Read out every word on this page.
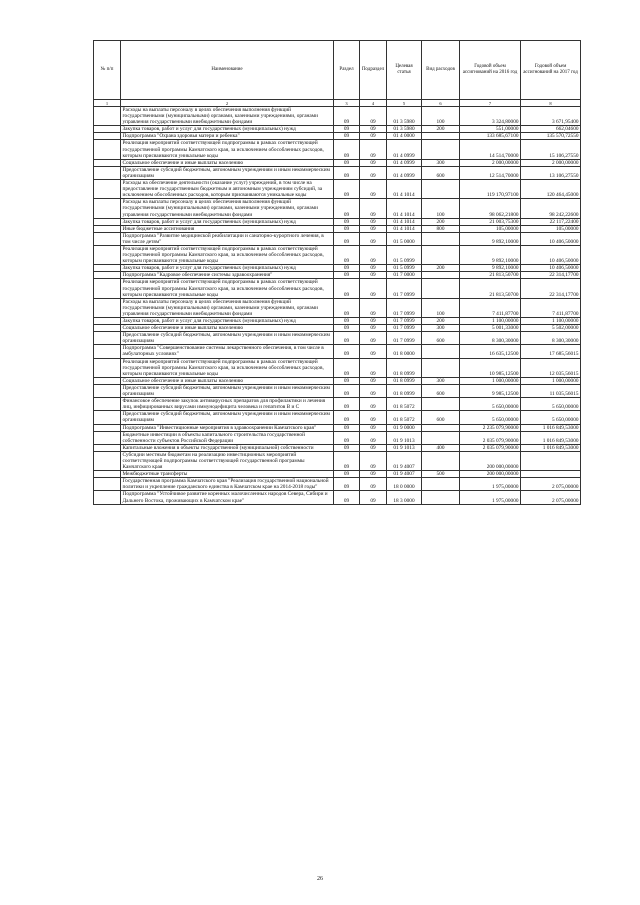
№ п/п	Наименование	Раздел	Подраздел	Целевая статья	Вид расходов	Годовой объем ассигнований на 2016 год	Годовой объем ассигнований на 2017 год
1	2	3	4	5	6	7	8
	Расходы на выплаты персоналу в целях обеспечения выполнения функций государственными (муниципальными) органами, казенными учреждениями, органами управления государственными внебюджетными фондами	09	09	01 3 5980	100	3 324,80000	3 671,95400
	Закупка товаров, работ и услуг для государственных (муниципальных) нужд	09	09	01 3 5980	200	551,00000	662,04600
	Подпрограмма "Охрана здоровья матери и ребенка"	09	09	01 4 0000		133 685,67100	135 570,72550
	Реализация мероприятий соответствующей подпрограммы в рамках соответствующей государственной программы Камчатского края, за исключением обособленных расходов, которым присваиваются уникальные коды	09	09	01 4 0999		14 514,70000	15 106,27550
	Социальное обеспечение и иные выплаты населению	09	09	01 4 0999	300	2 000,00000	2 000,00000
	Предоставление субсидий бюджетным, автономным учреждениям и иным некоммерческим организациям	09	09	01 4 0999	600	12 514,70000	13 106,27550
	Расходы на обеспечение деятельности (оказание услуг) учреждений, в том числе на предоставление государственным бюджетным и автономным учреждениям субсидий, за исключением обособленных расходов, которым присваиваются уникальные коды	09	09	01 4 1014		119 170,97100	120 464,45000
	Расходы на выплаты персоналу в целях обеспечения выполнения функций государственными (муниципальными) органами, казенными учреждениями, органами управления государственными внебюджетными фондами	09	09	01 4 1014	100	98 062,21800	98 242,22600
	Закупка товаров, работ и услуг для государственных (муниципальных) нужд	09	09	01 4 1014	200	21 003,75300	22 117,22400
	Иные бюджетные ассигнования	09	09	01 4 1014	800	105,00000	105,00000
	Подпрограмма "Развитие медицинской реабилитации и санаторно-курортного лечения, в том числе детям"	09	09	01 5 0000		9 892,10000	10 406,50000
	Реализация мероприятий соответствующей подпрограммы в рамках соответствующей государственной программы Камчатского края, за исключением обособленных расходов, которым присваиваются уникальные коды	09	09	01 5 0999		9 892,10000	10 406,50000
	Закупка товаров, работ и услуг для государственных (муниципальных) нужд	09	09	01 5 0999	200	9 892,10000	10 406,50000
	Подпрограмма "Кадровое обеспечение системы здравоохранения"	09	09	01 7 0000		21 813,50700	22 314,17700
	Реализация мероприятий соответствующей подпрограммы в рамках соответствующей государственной программы Камчатского края, за исключением обособленных расходов, которым присваиваются уникальные коды	09	09	01 7 0999		21 813,50700	22 314,17700
	Расходы на выплаты персоналу в целях обеспечения выполнения функций государственными (муниципальными) органами, казенными учреждениями, органами управления государственными внебюджетными фондами	09	09	01 7 0999	100	7 411,87700	7 411,87700
	Закупка товаров, работ и услуг для государственных (муниципальных) нужд	09	09	01 7 0999	200	1 100,00000	1 100,00000
	Социальное обеспечение и иные выплаты населению	09	09	01 7 0999	300	5 001,33000	5 502,00000
	Предоставление субсидий бюджетным, автономным учреждениям и иным некоммерческим организациям	09	09	01 7 0999	600	8 300,30000	8 300,30000
	Подпрограмма "Совершенствование системы лекарственного обеспечения, в том числе в амбулаторных условиях"	09	09	01 8 0000		16 635,12500	17 685,56015
	Реализация мероприятий соответствующей подпрограммы в рамках соответствующей государственной программы Камчатского края, за исключением обособленных расходов, которым присваиваются уникальные коды	09	09	01 8 0999		10 985,12500	12 035,56015
	Социальное обеспечение и иные выплаты населению	09	09	01 8 0999	300	1 000,00000	1 000,00000
	Предоставление субсидий бюджетным, автономным учреждениям и иным некоммерческим организациям	09	09	01 8 0999	600	9 985,12500	11 035,56015
	Финансовое обеспечение закупок антивирусных препаратов для профилактики и лечения лиц, инфицированных вирусами иммунодефицита человека и гепатитов В и С	09	09	01 8 5072		5 650,00000	5 650,00000
	Предоставление субсидий бюджетным, автономным учреждениям и иным некоммерческим организациям	09	09	01 8 5072	600	5 650,00000	5 650,00000
	Подпрограмма "Инвестиционные мероприятия в здравоохранении Камчатского края"	09	09	01 9 0000		2 235 079,90000	1 016 849,53000
	Бюджетные инвестиции в объекты капитального строительства государственной собственности субъектов Российской Федерации	09	09	01 9 1013		2 035 079,90000	1 016 849,53000
	Капитальные вложения в объекты государственной (муниципальной) собственности	09	09	01 9 1013	400	2 035 079,90000	1 016 849,53000
	Субсидии местным бюджетам на реализацию инвестиционных мероприятий соответствующей подпрограммы соответствующей государственной программы Камчатского края	09	09	01 9 4007		200 000,00000	
	Межбюджетные трансферты	09	09	01 9 4007	500	200 000,00000	
	Государственная программа Камчатского края "Реализация государственной национальной политики и укрепление гражданского единства в Камчатском крае на 2014-2018 годы"	09	09	18 0 0000		1 975,00000	2 075,00000
	Подпрограмма "Устойчивое развитие коренных малочисленных народов Севера, Сибири и Дальнего Востока, проживающих в Камчатском крае"	09	09	18 3 0000		1 975,00000	2 075,00000
26
